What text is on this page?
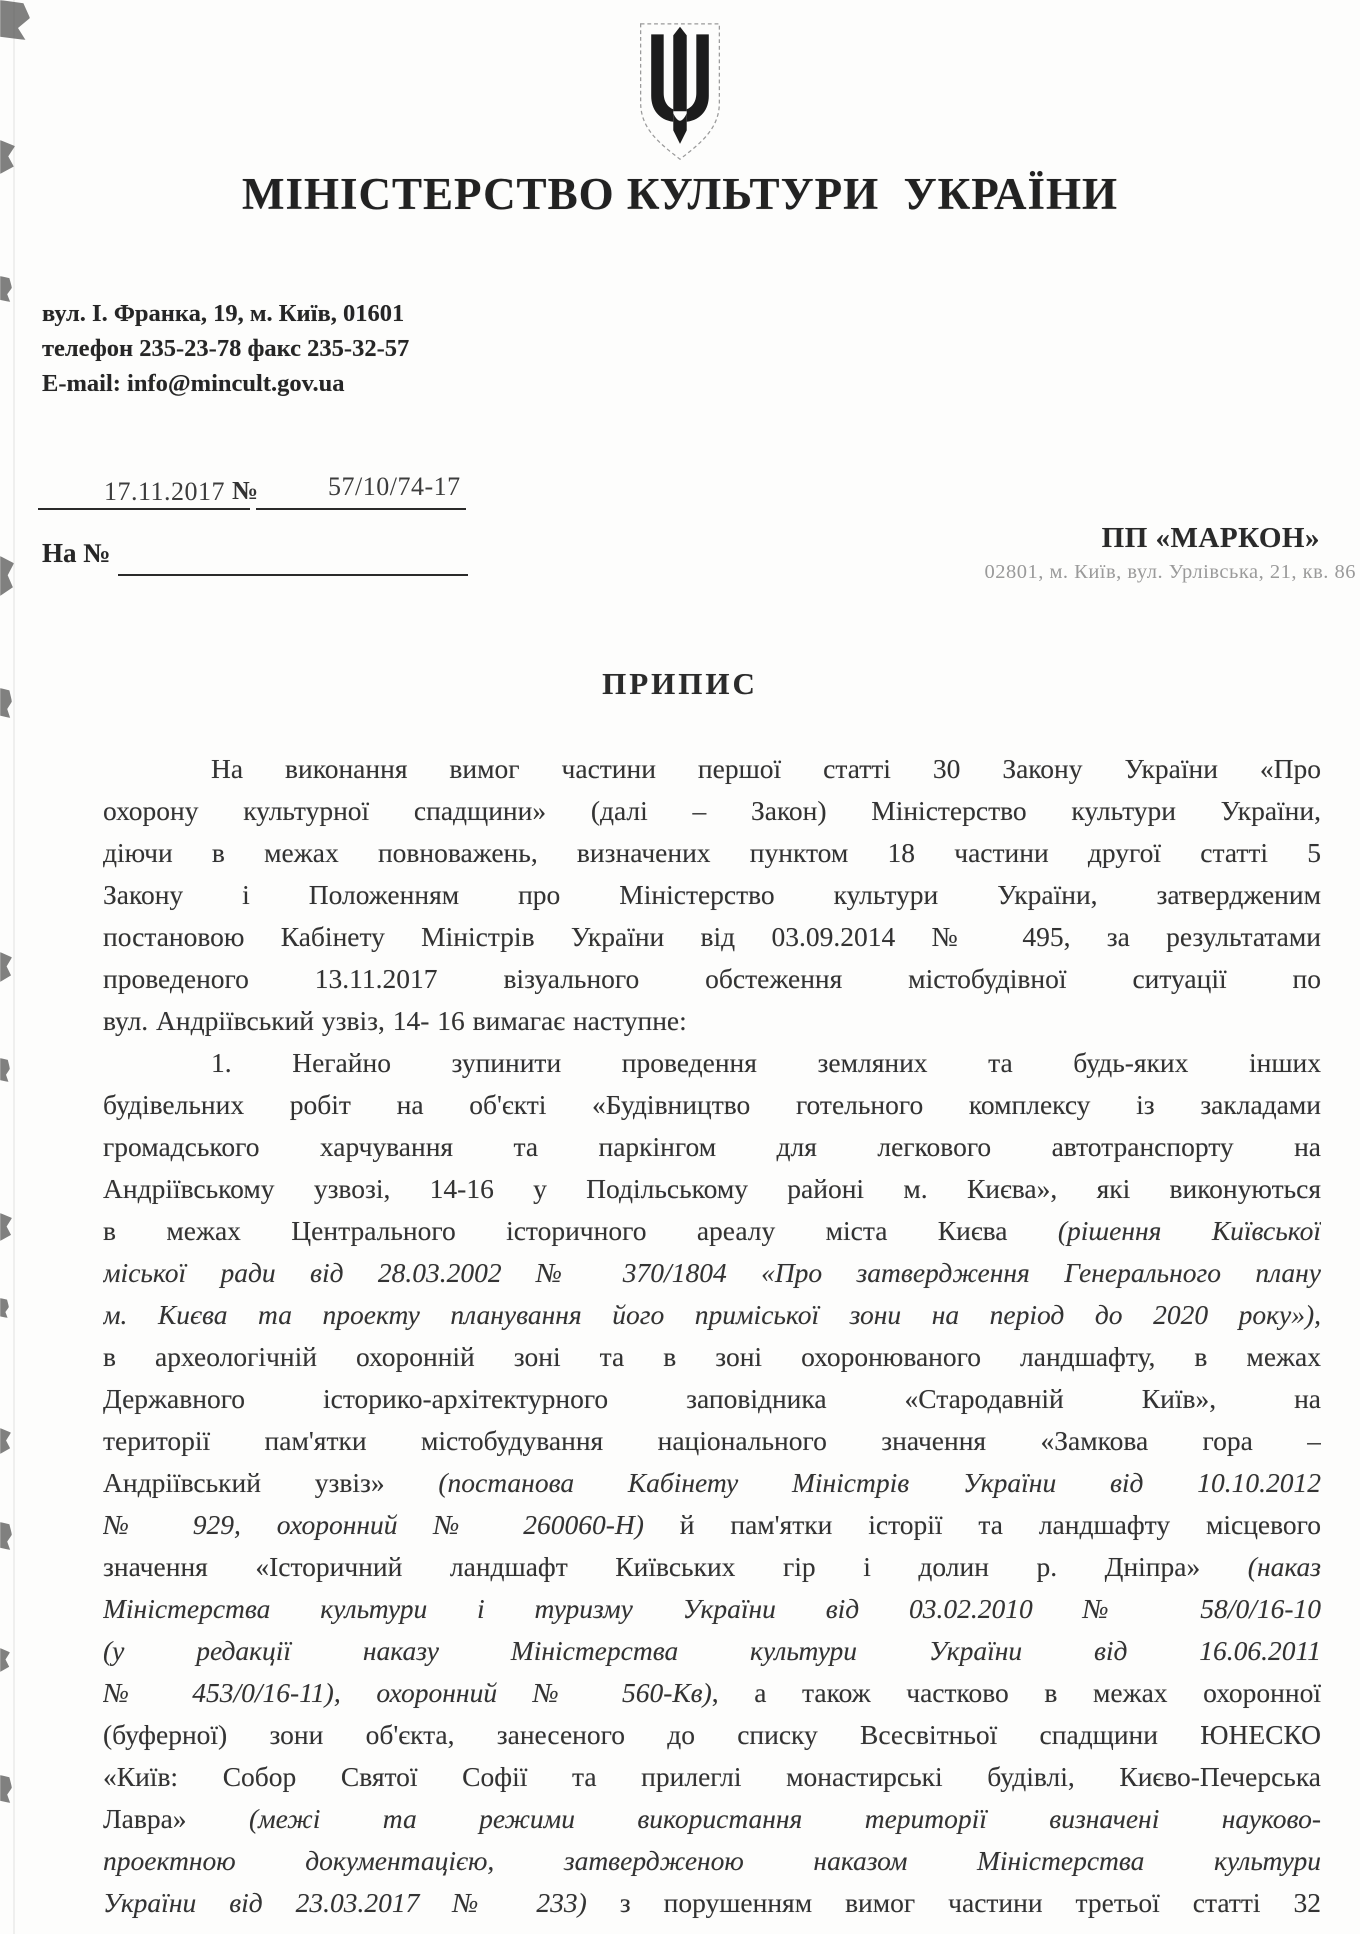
МІНІСТЕРСТВО КУЛЬТУРИ  УКРАЇНИ
вул. І. Франка, 19, м. Київ, 01601
телефон 235-23-78 факс 235-32-57
E-mail: info@mincult.gov.ua
17.11.2017 №	57/10/74-17
На №	ПП «МАРКОН»
02801, м. Київ, вул. Урлівська, 21, кв. 86
ПРИПИС
На виконання вимог частини першої статті 30 Закону України «Про
охорону культурної спадщини» (далі – Закон) Міністерство культури України,
діючи в межах повноважень, визначених пунктом 18 частини другої статті 5
Закону і Положенням про Міністерство культури України, затвердженим
постановою Кабінету Міністрів України від 03.09.2014 № 495, за результатами
проведеного 13.11.2017 візуального обстеження містобудівної ситуації по
вул. Андріївський узвіз, 14- 16 вимагає наступне:
1. Негайно зупинити проведення земляних та будь-яких інших
будівельних робіт на об'єкті «Будівництво готельного комплексу із закладами
громадського харчування та паркінгом для легкового автотранспорту на
Андріївському узвозі, 14-16 у Подільському районі м. Києва», які виконуються
в межах Центрального історичного ареалу міста Києва (рішення Київської
міської ради від 28.03.2002 № 370/1804 «Про затвердження Генерального плану
м. Києва та проекту планування його приміської зони на період до 2020 року»),
в археологічній охоронній зоні та в зоні охоронюваного ландшафту, в межах
Державного історико-архітектурного заповідника «Стародавній Київ», на
території пам'ятки містобудування національного значення «Замкова гора –
Андріївський узвіз» (постанова Кабінету Міністрів України від 10.10.2012
№ 929, охоронний № 260060-Н) й пам'ятки історії та ландшафту місцевого
значення «Історичний ландшафт Київських гір і долин р. Дніпра» (наказ
Міністерства культури і туризму України від 03.02.2010 № 58/0/16-10
(у редакції наказу Міністерства культури України від 16.06.2011
№ 453/0/16-11), охоронний № 560-Кв), а також частково в межах охоронної
(буферної) зони об'єкта, занесеного до списку Всесвітньої спадщини ЮНЕСКО
«Київ: Собор Святої Софії та прилеглі монастирські будівлі, Києво-Печерська
Лавра» (межі та режими використання території визначені науково-
проектною документацією, затвердженою наказом Міністерства культури
України від 23.03.2017 № 233) з порушенням вимог частини третьої статті 32
